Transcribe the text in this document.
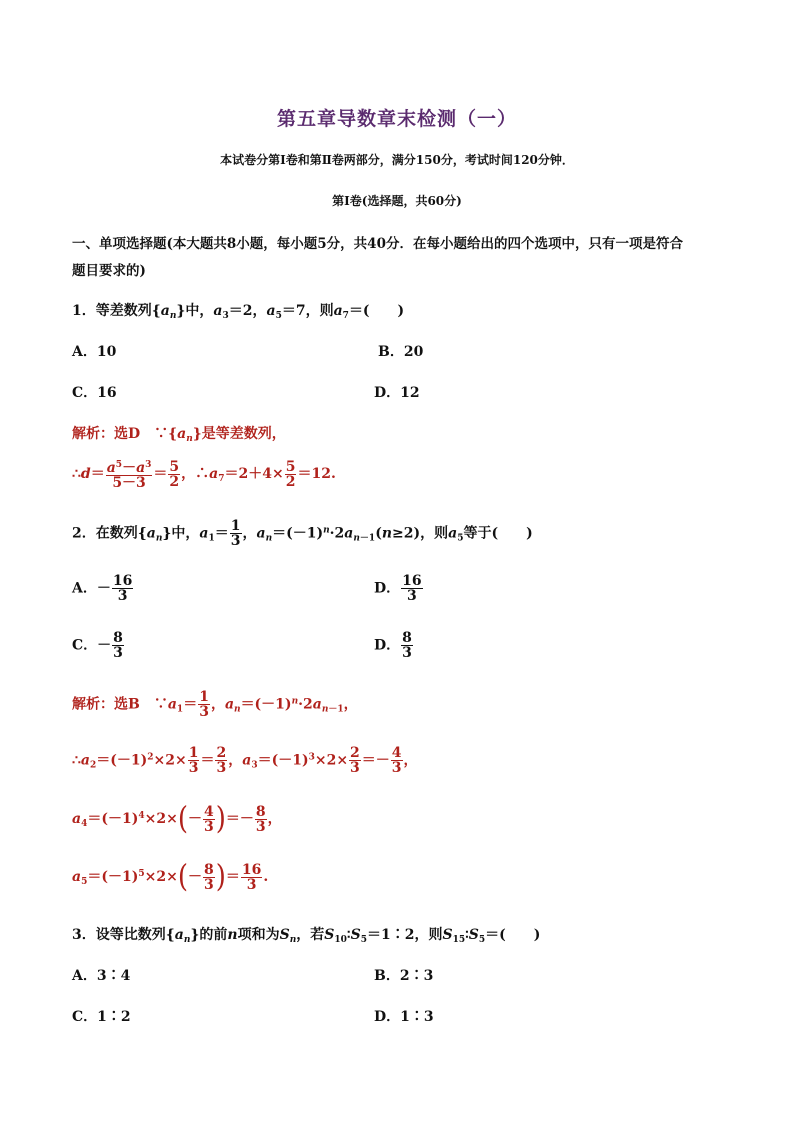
第五章导数章末检测（一）
本试卷分第Ⅰ卷和第Ⅱ卷两部分，满分150分，考试时间120分钟．
第Ⅰ卷(选择题，共60分)
一、单项选择题(本大题共8小题，每小题5分，共40分．在每小题给出的四个选项中，只有一项是符合
题目要求的)
1．等差数列$\{a_n\}$中，$a_3=2$，$a_5=7$，则$a_7=$(　　)
A．10	B．20
C．16	D．12
解析：选D　$\because\{a_n\}$是等差数列，
∴d＝ $\frac{a^5-a^3}{5-3} = \frac{5}{2}$ ，$\therefore a_7=2+4\times \frac{5}{2} =12$.
2．在数列$\{a_n\}$中，$a_1= \frac{1}{3}$ ，$a_n=(-1)^n\cdot 2a_{n-1}(n\ge 2)$，则$a_5$等于(　　)
A．－ $\frac{16}{3}$	D． $\frac{16}{3}$
C．－ $\frac{8}{3}$	D． $\frac{8}{3}$
解析：选B　$\because a_1= \frac{1}{3}$ ，$a_n=(-1)^n\cdot 2a_{n-1}$，
$\therefore a_2=(-1)^2\times 2\times \frac{1}{3} = \frac{2}{3}$ ，$a_3=(-1)^3\times 2\times \frac{2}{3} =- \frac{4}{3}$ ，
$a_4=(-1)^4\times 2\times(- \frac{4}{3}$ )＝－ $\frac{8}{3}$ ，
$a_5=(-1)^5\times 2\times(- \frac{8}{3}$ )＝ $\frac{16}{3}$ .
3．设等比数列$\{a_n\}$的前n项和为$S_n$，若$S_{10}∶S_5=1∶2$，则$S_{15}∶S_5=$(　　)
A．3∶4	B．2∶3
C．1∶2	D．1∶3
